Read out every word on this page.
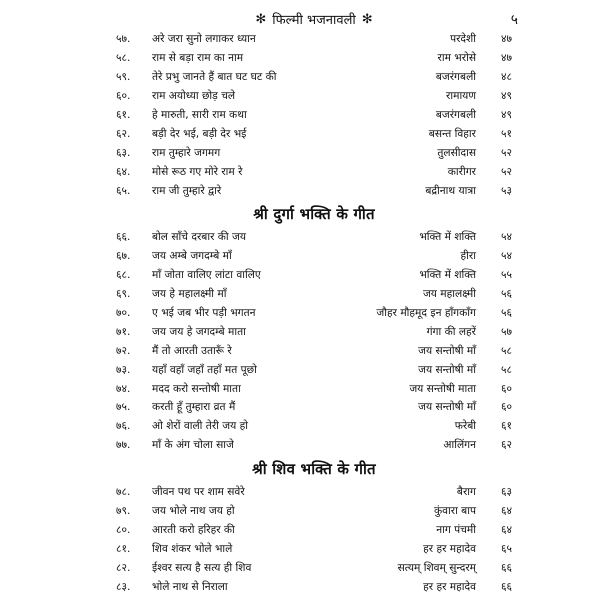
✻ फिल्मी भजनावली ✻	५
५७.	अरे जरा सुनो लगाकर ध्यान	परदेशी	४७
५८.	राम से बड़ा राम का नाम	राम भरोसे	४७
५९.	तेरे प्रभु जानते हैं बात घट घट की	बजरंगबली	४८
६०.	राम अयोध्या छोड़ चले	रामायण	४९
६१.	हे मारुती, सारी राम कथा	बजरंगबली	४९
६२.	बड़ी देर भई, बड़ी देर भई	बसन्त विहार	५१
६३.	राम तुम्हारे जगमग	तुलसीदास	५२
६४.	मोसे रूठ गए मोरे राम रे	कारीगर	५२
६५.	राम जी तुम्हारे द्वारे	बद्रीनाथ यात्रा	५३
श्री दुर्गा भक्ति के गीत
६६.	बोल साँचे दरबार की जय	भक्ति में शक्ति	५४
६७.	जय अम्बे जगदम्बे माँ	हीरा	५४
६८.	माँ जोता वालिए लांटा वालिए	भक्ति में शक्ति	५५
६९.	जय हे महालक्ष्मी माँ	जय महालक्ष्मी	५६
७०.	ए भई जब भीर पड़ी भगतन	जौहर मौहमूद इन हॉंगकॉंग	५६
७१.	जय जय हे जगदम्बे माता	गंगा की लहरें	५७
७२.	मैं तो आरती उतारूँ रे	जय सन्तोषी माँ	५८
७३.	यहाँ वहाँ जहाँ तहाँ मत पूछो	जय सन्तोषी माँ	५८
७४.	मदद करो सन्तोषी माता	जय सन्तोषी माता	६०
७५.	करती हूँ तुम्हारा व्रत मैं	जय सन्तोषी माँ	६०
७६.	ओ शेरों वाली तेरी जय हो	फरेबी	६१
७७.	माँ के अंग चोला साजे	आलिंगन	६२
श्री शिव भक्ति के गीत
७८.	जीवन पथ पर शाम सवेरे	बैराग	६३
७९.	जय भोले नाथ जय हो	कुंवारा बाप	६४
८०.	आरती करो हरिहर की	नाग पंचमी	६४
८१.	शिव शंकर भोले भाले	हर हर महादेव	६५
८२.	ईश्वर सत्य है सत्य ही शिव	सत्यम् शिवम् सुन्दरम्	६६
८३.	भोले नाथ से निराला	हर हर महादेव	६६
